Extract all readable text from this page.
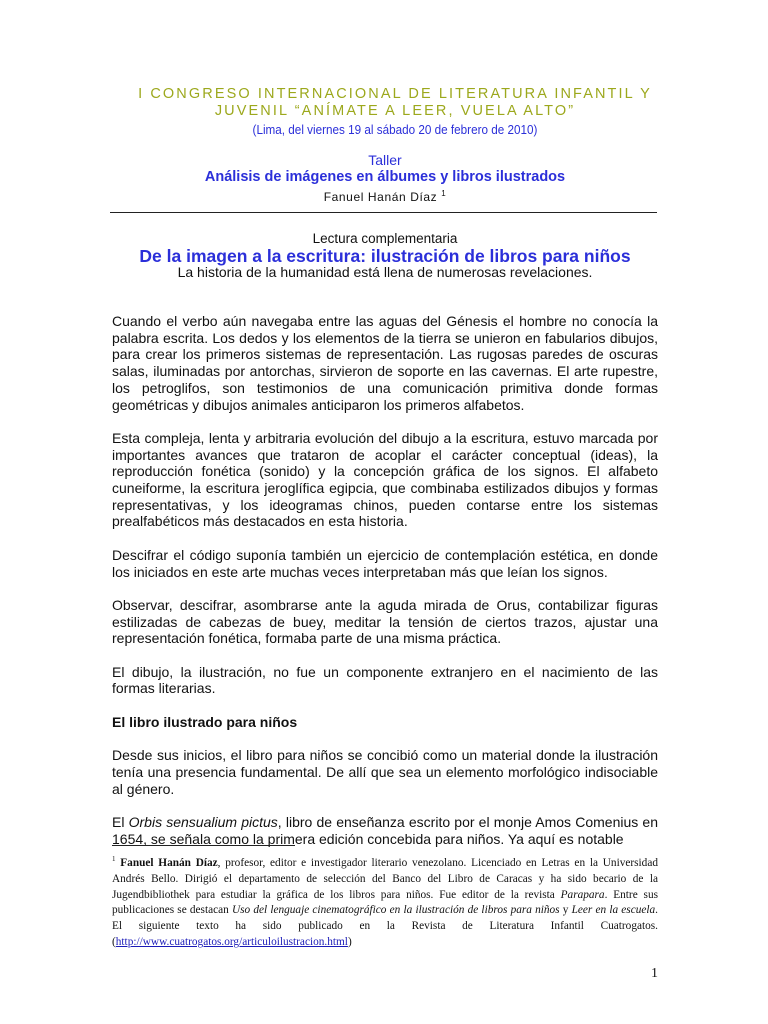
I CONGRESO INTERNACIONAL DE LITERATURA INFANTIL Y
JUVENIL “ANÍMATE A LEER, VUELA ALTO”
(Lima, del viernes 19 al sábado 20 de febrero de 2010)
Taller
Análisis de imágenes en álbumes y libros ilustrados
Fanuel Hanán Díaz $^1$
Lectura complementaria
De la imagen a la escritura: ilustración de libros para niños
La historia de la humanidad está llena de numerosas revelaciones.

Cuando el verbo aún navegaba entre las aguas del Génesis el hombre no conocía la palabra escrita. Los dedos y los elementos de la tierra se unieron en fabularios dibujos, para crear los primeros sistemas de representación. Las rugosas paredes de oscuras salas, iluminadas por antorchas, sirvieron de soporte en las cavernas. El arte rupestre, los petroglifos, son testimonios de una comunicación primitiva donde formas geométricas y dibujos animales anticiparon los primeros alfabetos.

Esta compleja, lenta y arbitraria evolución del dibujo a la escritura, estuvo marcada por importantes avances que trataron de acoplar el carácter conceptual (ideas), la reproducción fonética (sonido) y la concepción gráfica de los signos. El alfabeto cuneiforme, la escritura jeroglífica egipcia, que combinaba estilizados dibujos y formas representativas, y los ideogramas chinos, pueden contarse entre los sistemas prealfabéticos más destacados en esta historia.

Descifrar el código suponía también un ejercicio de contemplación estética, en donde los iniciados en este arte muchas veces interpretaban más que leían los signos.

Observar, descifrar, asombrarse ante la aguda mirada de Orus, contabilizar figuras estilizadas de cabezas de buey, meditar la tensión de ciertos trazos, ajustar una representación fonética, formaba parte de una misma práctica.

El dibujo, la ilustración, no fue un componente extranjero en el nacimiento de las formas literarias.

El libro ilustrado para niños

Desde sus inicios, el libro para niños se concibió como un material donde la ilustración tenía una presencia fundamental. De allí que sea un elemento morfológico indisociable al género.

El Orbis sensualium pictus, libro de enseñanza escrito por el monje Amos Comenius en 1654, se señala como la primera edición concebida para niños. Ya aquí es notable

$^1$ Fanuel Hanán Díaz, profesor, editor e investigador literario venezolano. Licenciado en Letras en la Universidad Andrés Bello. Dirigió el departamento de selección del Banco del Libro de Caracas y ha sido becario de la Jugendbibliothek para estudiar la gráfica de los libros para niños. Fue editor de la revista Parapara. Entre sus publicaciones se destacan Uso del lenguaje cinematográfico en la ilustración de libros para niños y Leer en la escuela. El siguiente texto ha sido publicado en la Revista de Literatura Infantil Cuatrogatos. (http://www.cuatrogatos.org/articuloilustracion.html)
1
